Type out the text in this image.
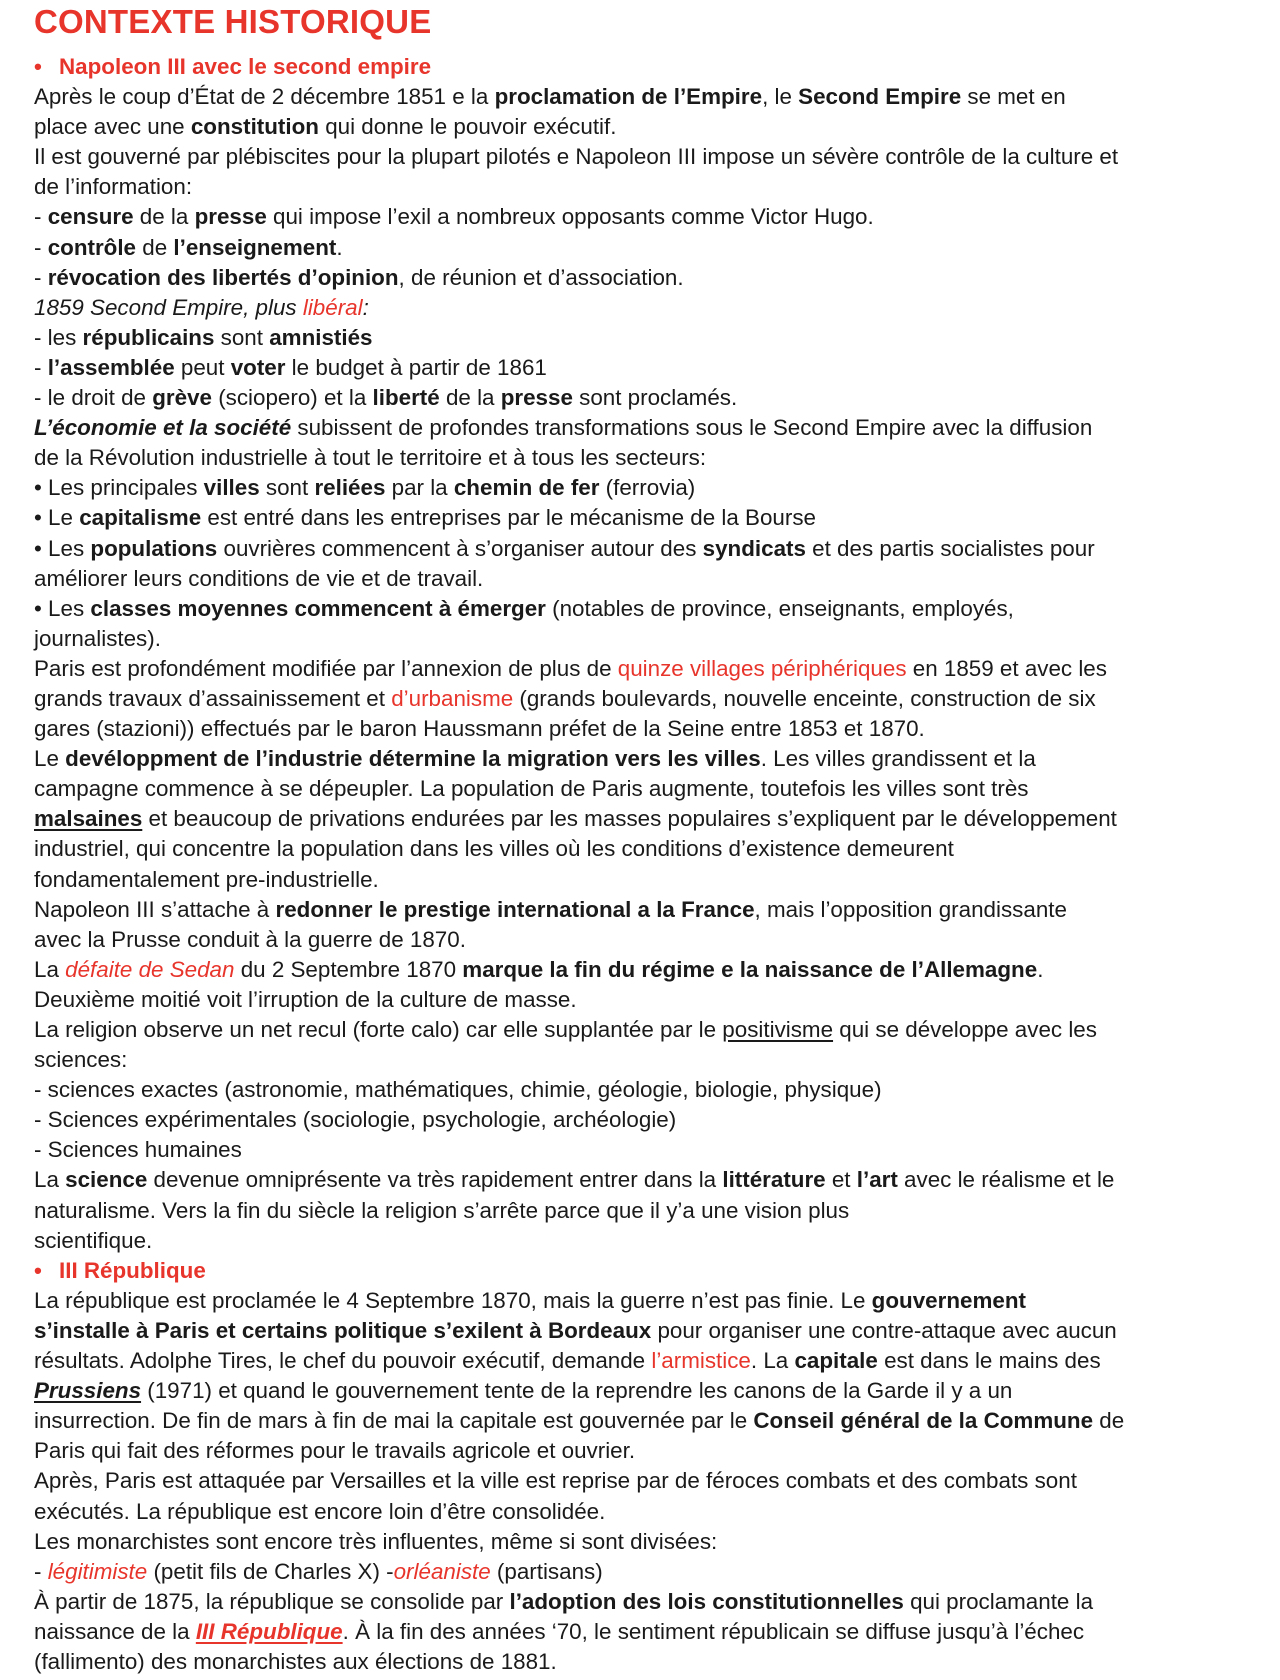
CONTEXTE HISTORIQUE
• Napoleon III avec le second empire
Après le coup d’État de 2 décembre 1851 e la proclamation de l’Empire, le Second Empire se met en
place avec une constitution qui donne le pouvoir exécutif.
Il est gouverné par plébiscites pour la plupart pilotés e Napoleon III impose un sévère contrôle de la culture et
de l’information:
- censure de la presse qui impose l’exil a nombreux opposants comme Victor Hugo.
- contrôle de l’enseignement.
- révocation des libertés d’opinion, de réunion et d’association.
1859 Second Empire, plus libéral:
- les républicains sont amnistiés
- l’assemblée peut voter le budget à partir de 1861
- le droit de grève (sciopero) et la liberté de la presse sont proclamés.
L’économie et la société subissent de profondes transformations sous le Second Empire avec la diffusion
de la Révolution industrielle à tout le territoire et à tous les secteurs:
• Les principales villes sont reliées par la chemin de fer (ferrovia)
• Le capitalisme est entré dans les entreprises par le mécanisme de la Bourse
• Les populations ouvrières commencent à s’organiser autour des syndicats et des partis socialistes pour
améliorer leurs conditions de vie et de travail.
• Les classes moyennes commencent à émerger (notables de province, enseignants, employés,
journalistes).
Paris est profondément modifiée par l’annexion de plus de quinze villages périphériques en 1859 et avec les
grands travaux d’assainissement et d’urbanisme (grands boulevards, nouvelle enceinte, construction de six
gares (stazioni)) effectués par le baron Haussmann préfet de la Seine entre 1853 et 1870.
Le devéloppment de l’industrie détermine la migration vers les villes. Les villes grandissent et la
campagne commence à se dépeupler. La population de Paris augmente, toutefois les villes sont très
malsaines et beaucoup de privations endurées par les masses populaires s’expliquent par le développement
industriel, qui concentre la population dans les villes où les conditions d’existence demeurent
fondamentalement pre-industrielle.
Napoleon III s’attache à redonner le prestige international a la France, mais l’opposition grandissante
avec la Prusse conduit à la guerre de 1870.
La défaite de Sedan du 2 Septembre 1870 marque la fin du régime e la naissance de l’Allemagne.
Deuxième moitié voit l’irruption de la culture de masse.
La religion observe un net recul (forte calo) car elle supplantée par le positivisme qui se développe avec les
sciences:
- sciences exactes (astronomie, mathématiques, chimie, géologie, biologie, physique)
- Sciences expérimentales (sociologie, psychologie, archéologie)
- Sciences humaines
La science devenue omniprésente va très rapidement entrer dans la littérature et l’art avec le réalisme et le
naturalisme. Vers la fin du siècle la religion s’arrête parce que il y’a une vision plus
scientifique.
• III République
La république est proclamée le 4 Septembre 1870, mais la guerre n’est pas finie. Le gouvernement
s’installe à Paris et certains politique s’exilent à Bordeaux pour organiser une contre-attaque avec aucun
résultats. Adolphe Tires, le chef du pouvoir exécutif, demande l’armistice. La capitale est dans le mains des
Prussiens (1971) et quand le gouvernement tente de la reprendre les canons de la Garde il y a un
insurrection. De fin de mars à fin de mai la capitale est gouvernée par le Conseil général de la Commune de
Paris qui fait des réformes pour le travails agricole et ouvrier.
Après, Paris est attaquée par Versailles et la ville est reprise par de féroces combats et des combats sont
exécutés. La république est encore loin d’être consolidée.
Les monarchistes sont encore très influentes, même si sont divisées:
- légitimiste (petit fils de Charles X) -orléaniste (partisans)
À partir de 1875, la république se consolide par l’adoption des lois constitutionnelles qui proclamante la
naissance de la III République. À la fin des années ‘70, le sentiment républicain se diffuse jusqu’à l’échec
(fallimento) des monarchistes aux élections de 1881.
